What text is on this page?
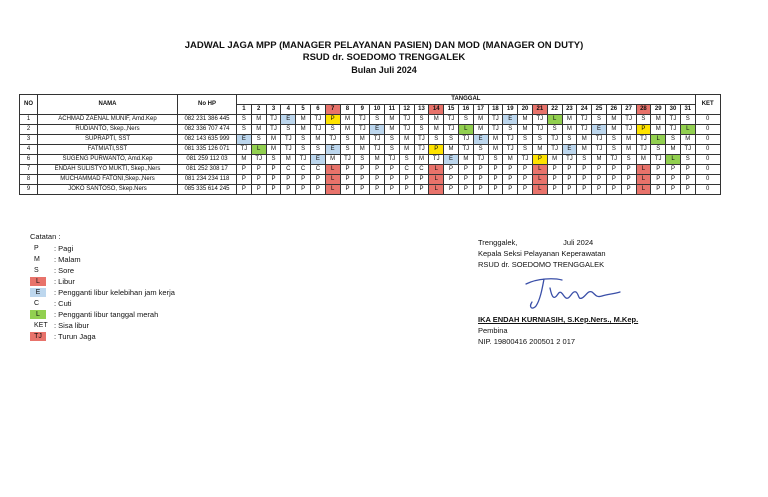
JADWAL JAGA MPP (MANAGER PELAYANAN PASIEN) DAN MOD (MANAGER ON DUTY)
RSUD dr. SOEDOMO TRENGGALEK
Bulan Juli 2024
NO	NAMA	No HP	TANGGAL																															KET
			1	2	3	4	5	6	7	8	9	10	11	12	13	14	15	16	17	18	19	20	21	22	23	24	25	26	27	28	29	30	31	
1	ACHMAD ZAENAL MUNIF, Amd.Kep	082 231 386 445	S	M	TJ	E	M	TJ	P	M	TJ	S	M	TJ	S	M	TJ	S	M	TJ	E	M	TJ	L	M	TJ	S	M	TJ	S	M	TJ	S	0
2	RUDIANTO, Skep.,Ners	082 336 707 474	S	M	TJ	S	M	TJ	S	M	TJ	E	M	TJ	S	M	TJ	L	M	TJ	S	M	TJ	S	M	TJ	E	M	TJ	P	M	TJ	L	0
3	SUPRAPTI, SST	082 143 635 999	E	S	M	TJ	S	M	TJ	S	M	TJ	S	M	TJ	S	S	TJ	E	M	TJ	S	S	TJ	S	M	TJ	S	M	TJ	L	S	M	0
4	FATMIATI,SST	081 335 126 071	TJ	L	M	TJ	S	S	E	S	M	TJ	S	M	TJ	P	M	TJ	S	M	TJ	S	M	TJ	E	M	TJ	S	M	TJ	S	M	TJ	0
6	SUGENG PURWANTO, Amd.Kep	081 259 112 03	M	TJ	S	M	TJ	E	M	TJ	S	M	TJ	S	M	TJ	E	M	TJ	S	M	TJ	P	M	TJ	S	M	TJ	S	M	TJ	L	S	0
7	ENDAH SULISTYO MUKTI, Skep.,Ners	081 252 308 17	P	P	P	C	C	C	L	P	P	P	P	C	C	L	P	P	P	P	P	P	L	P	P	P	P	P	P	L	P	P	P	0
8	MUCHAMMAD FATONI,Skep.,Ners	081 234 234 118	P	P	P	P	P	P	L	P	P	P	P	P	P	L	P	P	P	P	P	P	L	P	P	P	P	P	P	L	P	P	P	0
9	JOKO SANTOSO, Skep.Ners	085 335 614 245	P	P	P	P	P	P	L	P	P	P	P	P	P	L	P	P	P	P	P	P	L	P	P	P	P	P	P	L	P	P	P	0
Catatan :
P	: Pagi
M	: Malam
S	: Sore
L	: Libur
E	: Pengganti libur kelebihan jam kerja
C	: Cuti
L	: Pengganti libur tanggal merah
KET : Sisa libur
TJ	: Turun Jaga
Trenggalek,                      Juli 2024
Kepala Seksi Pelayanan Keperawatan
RSUD dr. SOEDOMO TRENGGALEK
IKA ENDAH KURNIASIH, S.Kep.Ners., M.Kep.
Pembina
NIP. 19800416 200501 2 017
